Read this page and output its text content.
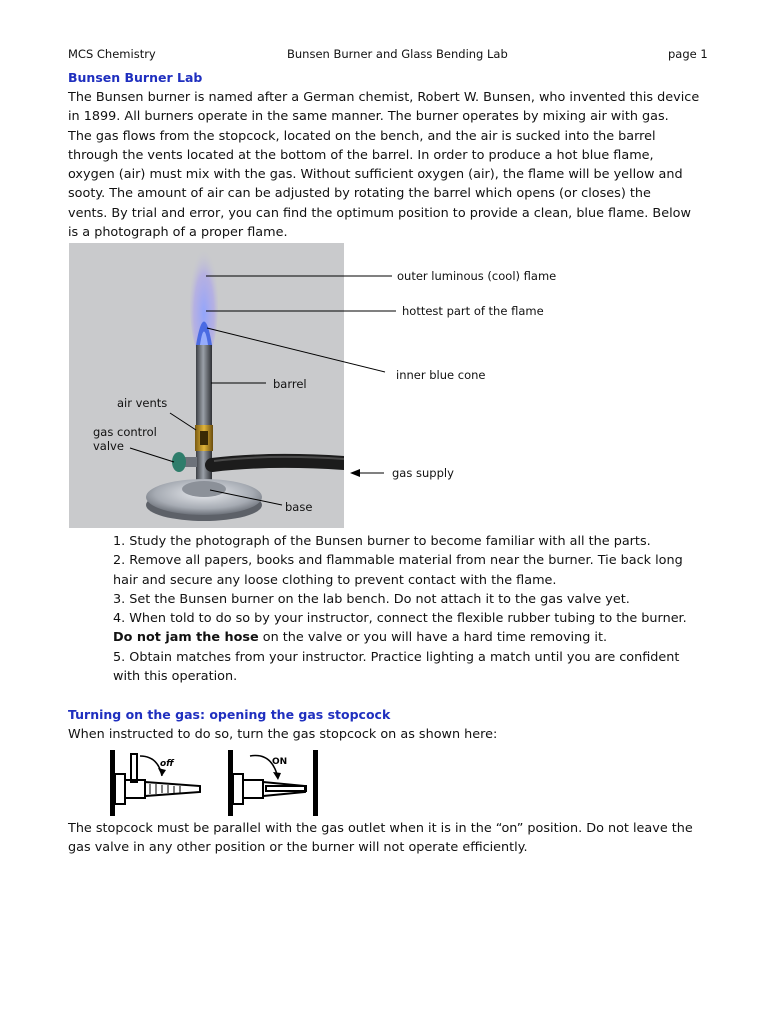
MCS Chemistry	Bunsen Burner and Glass Bending Lab	page 1
Bunsen Burner Lab
The Bunsen burner is named after a German chemist, Robert W. Bunsen, who invented this device
in 1899. All burners operate in the same manner. The burner operates by mixing air with gas.
The gas flows from the stopcock, located on the bench, and the air is sucked into the barrel
through the vents located at the bottom of the barrel. In order to produce a hot blue flame,
oxygen (air) must mix with the gas. Without sufficient oxygen (air), the flame will be yellow and
sooty. The amount of air can be adjusted by rotating the barrel which opens (or closes) the
vents. By trial and error, you can find the optimum position to provide a clean, blue flame. Below
is a photograph of a proper flame.
outer luminous (cool) flame
hottest part of the flame
inner blue cone
barrel
air vents
gas control
valve
gas supply
base
1. Study the photograph of the Bunsen burner to become familiar with all the parts.
2. Remove all papers, books and flammable material from near the burner. Tie back long
hair and secure any loose clothing to prevent contact with the flame.
3. Set the Bunsen burner on the lab bench. Do not attach it to the gas valve yet.
4. When told to do so by your instructor, connect the flexible rubber tubing to the burner.
Do not jam the hose on the valve or you will have a hard time removing it.
5. Obtain matches from your instructor. Practice lighting a match until you are confident
with this operation.
Turning on the gas: opening the gas stopcock
When instructed to do so, turn the gas stopcock on as shown here:
off	ON
The stopcock must be parallel with the gas outlet when it is in the “on” position. Do not leave the
gas valve in any other position or the burner will not operate efficiently.
